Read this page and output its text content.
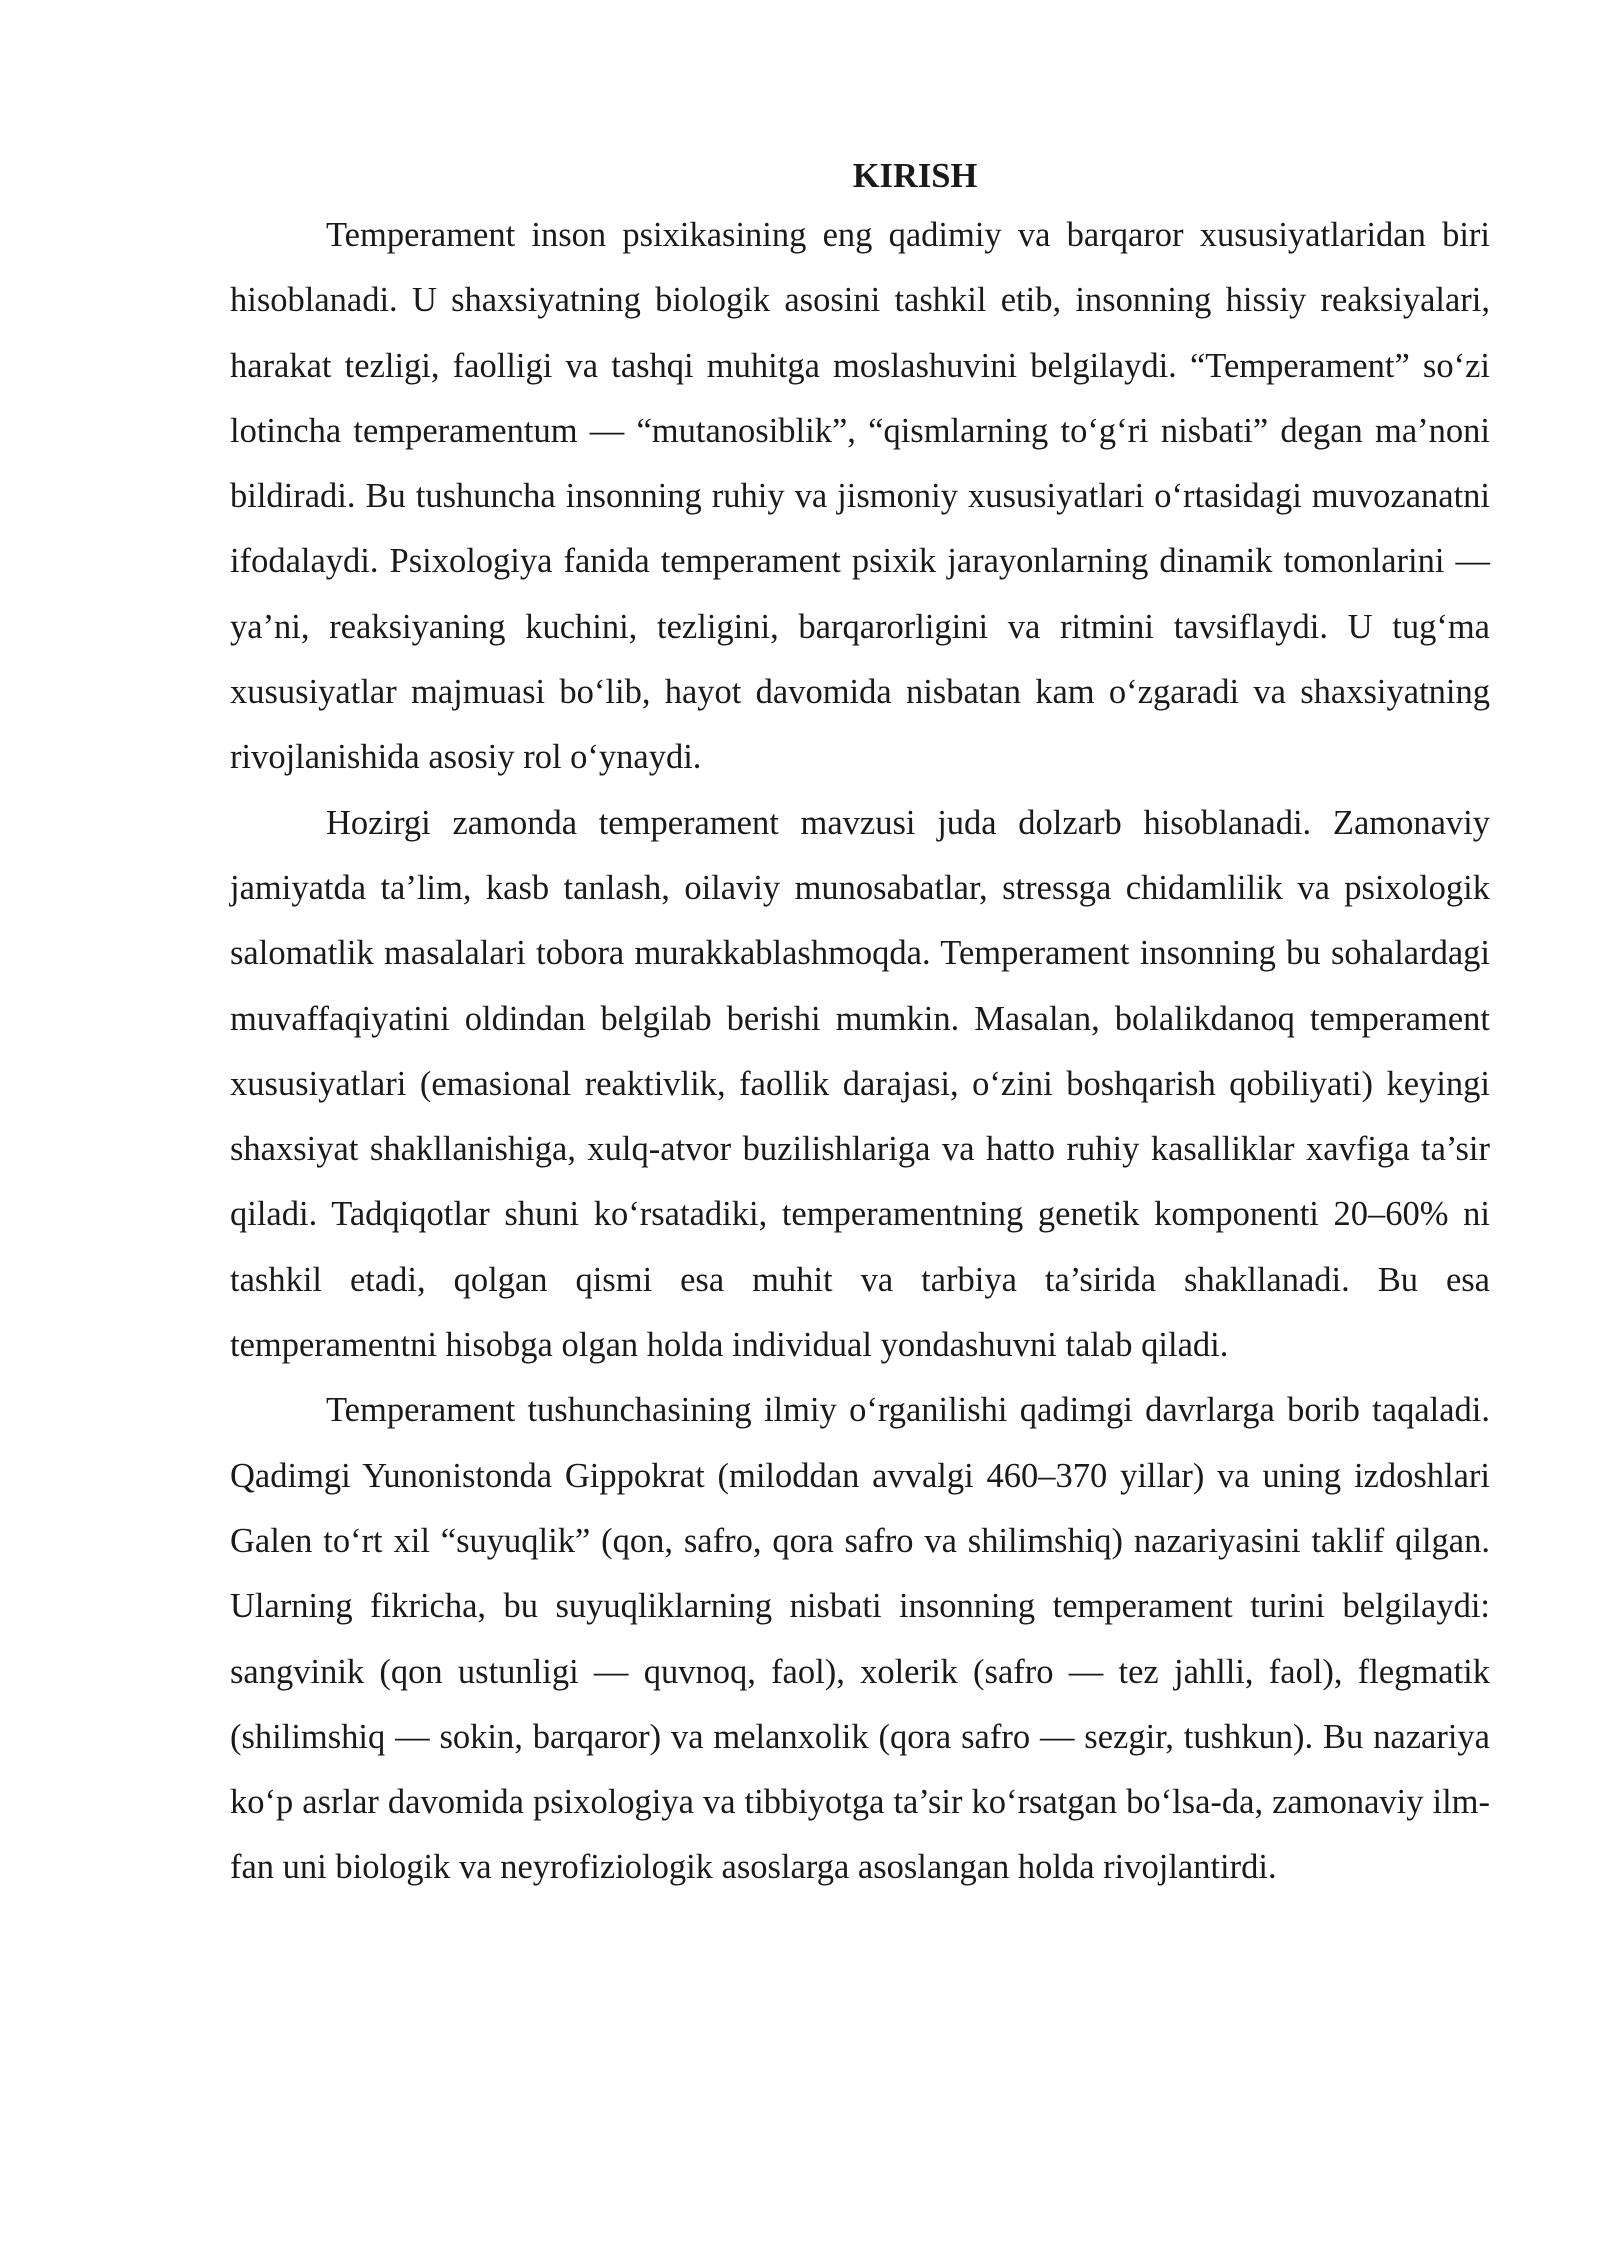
KIRISH

Temperament inson psixikasining eng qadimiy va barqaror xususiyatlaridan biri hisoblanadi. U shaxsiyatning biologik asosini tashkil etib, insonning hissiy reaksiyalari, harakat tezligi, faolligi va tashqi muhitga moslashuvini belgilaydi. “Temperament” so‘zi lotincha temperamentum — “mutanosiblik”, “qismlarning to‘g‘ri nisbati” degan ma’noni bildiradi. Bu tushuncha insonning ruhiy va jismoniy xususiyatlari o‘rtasidagi muvozanatni ifodalaydi. Psixologiya fanida temperament psixik jarayonlarning dinamik tomonlarini — ya’ni, reaksiyaning kuchini, tezligini, barqarorligini va ritmini tavsiflaydi. U tug‘ma xususiyatlar majmuasi bo‘lib, hayot davomida nisbatan kam o‘zgaradi va shaxsiyatning rivojlanishida asosiy rol o‘ynaydi.

Hozirgi zamonda temperament mavzusi juda dolzarb hisoblanadi. Zamonaviy jamiyatda ta’lim, kasb tanlash, oilaviy munosabatlar, stressga chidamlilik va psixologik salomatlik masalalari tobora murakkablashmoqda. Temperament insonning bu sohalardagi muvaffaqiyatini oldindan belgilab berishi mumkin. Masalan, bolalikdanoq temperament xususiyatlari (emasional reaktivlik, faollik darajasi, o‘zini boshqarish qobiliyati) keyingi shaxsiyat shakllanishiga, xulq-atvor buzilishlariga va hatto ruhiy kasalliklar xavfiga ta’sir qiladi. Tadqiqotlar shuni ko‘rsatadiki, temperamentning genetik komponenti 20–60% ni tashkil etadi, qolgan qismi esa muhit va tarbiya ta’sirida shakllanadi. Bu esa temperamentni hisobga olgan holda individual yondashuvni talab qiladi.

Temperament tushunchasining ilmiy o‘rganilishi qadimgi davrlarga borib taqaladi. Qadimgi Yunonistonda Gippokrat (miloddan avvalgi 460–370 yillar) va uning izdoshlari Galen to‘rt xil “suyuqlik” (qon, safro, qora safro va shilimshiq) nazariyasini taklif qilgan. Ularning fikricha, bu suyuqliklarning nisbati insonning temperament turini belgilaydi: sangvinik (qon ustunligi — quvnoq, faol), xolerik (safro — tez jahlli, faol), flegmatik (shilimshiq — sokin, barqaror) va melanxolik (qora safro — sezgir, tushkun). Bu nazariya ko‘p asrlar davomida psixologiya va tibbiyotga ta’sir ko‘rsatgan bo‘lsa-da, zamonaviy ilm-fan uni biologik va neyrofiziologik asoslarga asoslangan holda rivojlantirdi.
